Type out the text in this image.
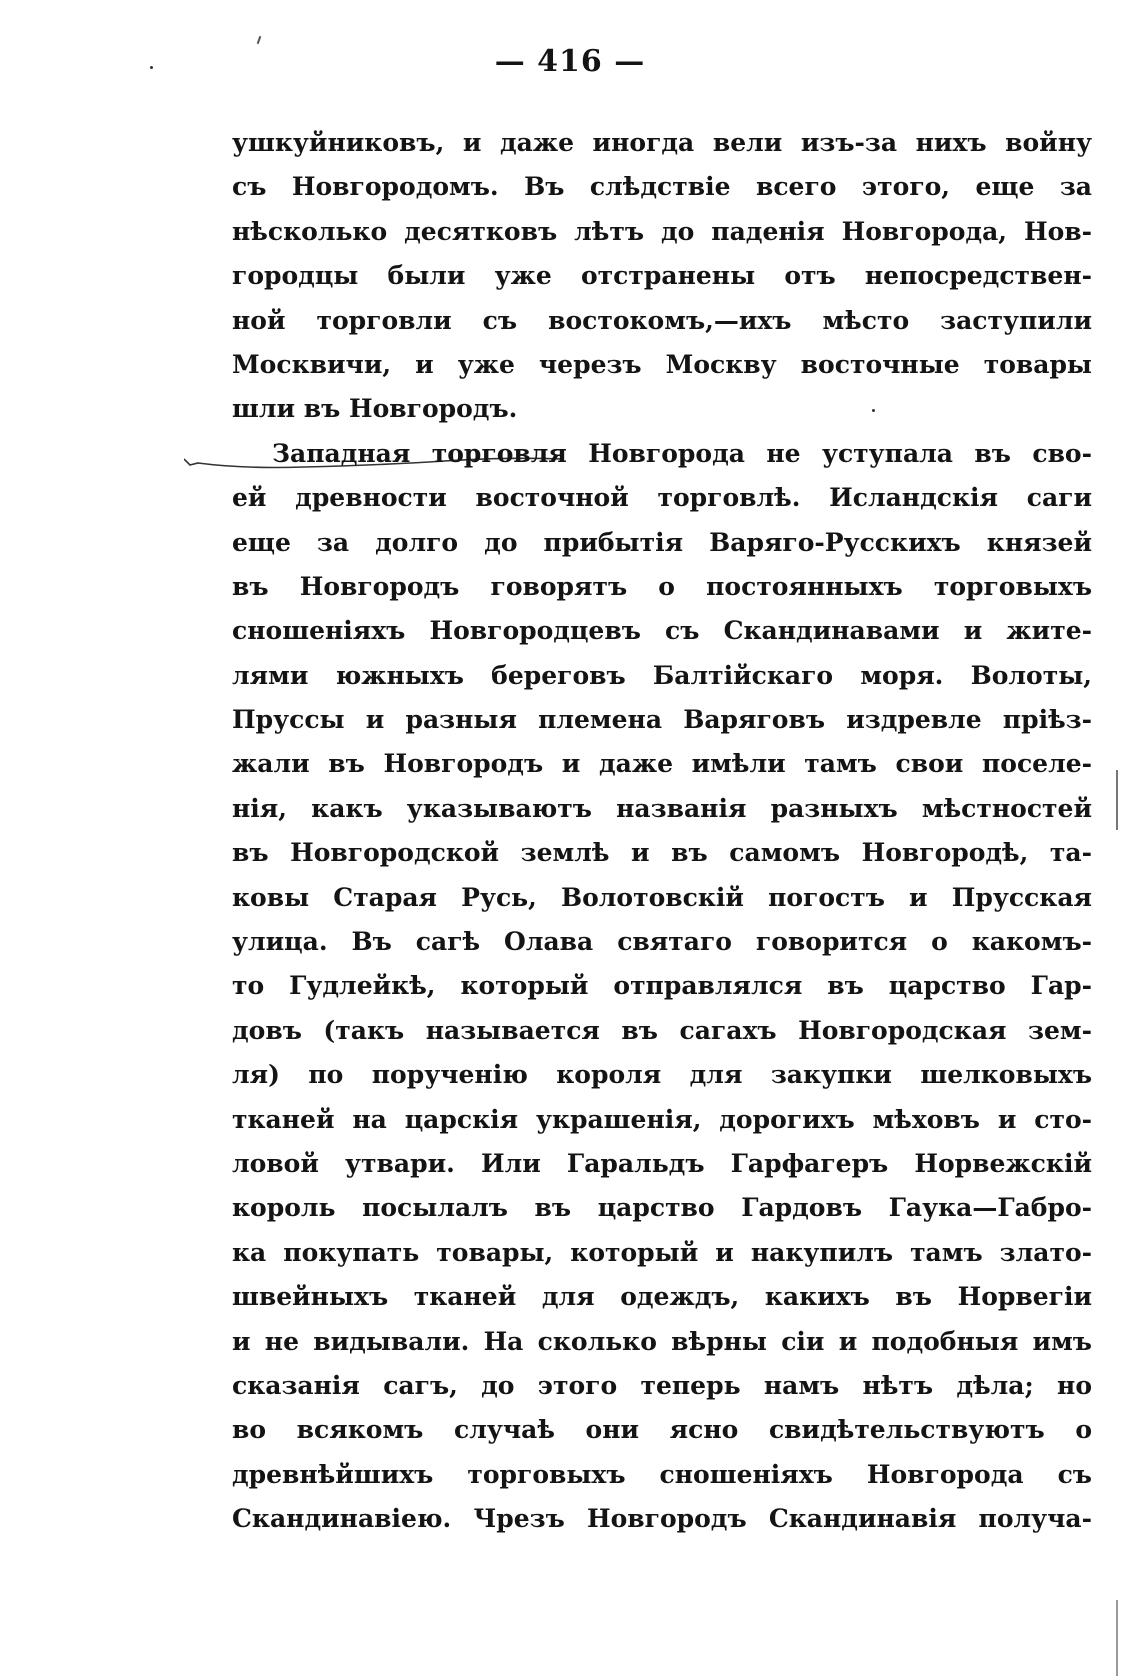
— 416 —
ушкуйниковъ, и даже иногда вели изъ-за нихъ войну
съ Новгородомъ. Въ слѣдствіе всего этого, еще за
нѣсколько десятковъ лѣтъ до паденія Новгорода, Нов-
городцы были уже отстранены отъ непосредствен-
ной торговли съ востокомъ,—ихъ мѣсто заступили
Москвичи, и уже черезъ Москву восточные товары
шли въ Новгородъ.
Западная торговля Новгорода не уступала въ сво-
ей древности восточной торговлѣ. Исландскія саги
еще за долго до прибытія Варяго-Русскихъ князей
въ Новгородъ говорятъ о постоянныхъ торговыхъ
сношеніяхъ Новгородцевъ съ Скандинавами и жите-
лями южныхъ береговъ Балтійскаго моря. Волоты,
Пруссы и разныя племена Варяговъ издревле пріѣз-
жали въ Новгородъ и даже имѣли тамъ свои поселе-
нія, какъ указываютъ названія разныхъ мѣстностей
въ Новгородской землѣ и въ самомъ Новгородѣ, та-
ковы Старая Русь, Волотовскій погостъ и Прусская
улица. Въ сагѣ Олава святаго говорится о какомъ-
то Гудлейкѣ, который отправлялся въ царство Гар-
довъ (такъ называется въ сагахъ Новгородская зем-
ля) по порученію короля для закупки шелковыхъ
тканей на царскія украшенія, дорогихъ мѣховъ и сто-
ловой утвари. Или Гаральдъ Гарфагеръ Норвежскій
король посылалъ въ царство Гардовъ Гаука—Габро-
ка покупать товары, который и накупилъ тамъ злато-
швейныхъ тканей для одеждъ, какихъ въ Норвегіи
и не видывали. На сколько вѣрны сіи и подобныя имъ
сказанія сагъ, до этого теперь намъ нѣтъ дѣла; но
во всякомъ случаѣ они ясно свидѣтельствуютъ о
древнѣйшихъ торговыхъ сношеніяхъ Новгорода съ
Скандинавіею. Чрезъ Новгородъ Скандинавія получа-
